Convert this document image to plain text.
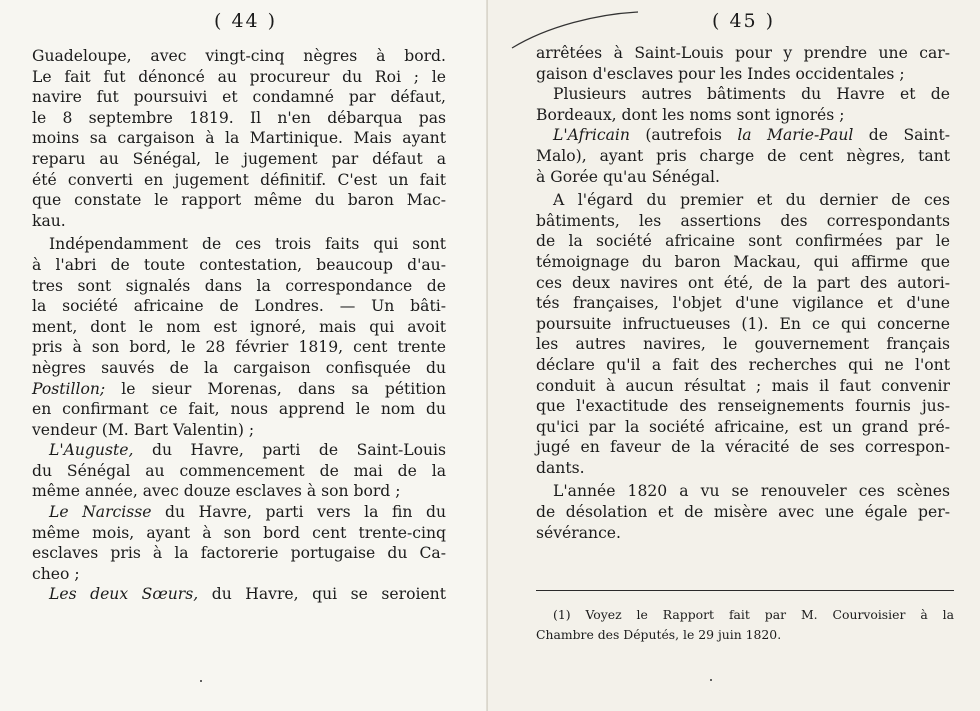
( 44 )
Guadeloupe, avec vingt-cinq nègres à bord.
Le fait fut dénoncé au procureur du Roi ; le
navire fut poursuivi et condamné par défaut,
le 8 septembre 1819. Il n'en débarqua pas
moins sa cargaison à la Martinique. Mais ayant
reparu au Sénégal, le jugement par défaut a
été converti en jugement définitif. C'est un fait
que constate le rapport même du baron Mac-
kau.
Indépendamment de ces trois faits qui sont
à l'abri de toute contestation, beaucoup d'au-
tres sont signalés dans la correspondance de
la société africaine de Londres. — Un bâti-
ment, dont le nom est ignoré, mais qui avoit
pris à son bord, le 28 février 1819, cent trente
nègres sauvés de la cargaison confisquée du
Postillon; le sieur Morenas, dans sa pétition
en confirmant ce fait, nous apprend le nom du
vendeur (M. Bart Valentin) ;
L'Auguste, du Havre, parti de Saint-Louis
du Sénégal au commencement de mai de la
même année, avec douze esclaves à son bord ;
Le Narcisse du Havre, parti vers la fin du
même mois, ayant à son bord cent trente-cinq
esclaves pris à la factorerie portugaise du Ca-
cheo ;
Les deux Sœurs, du Havre, qui se seroient
( 45 )
arrêtées à Saint-Louis pour y prendre une car-
gaison d'esclaves pour les Indes occidentales ;
Plusieurs autres bâtiments du Havre et de
Bordeaux, dont les noms sont ignorés ;
L'Africain (autrefois la Marie-Paul de Saint-
Malo), ayant pris charge de cent nègres, tant
à Gorée qu'au Sénégal.
A l'égard du premier et du dernier de ces
bâtiments, les assertions des correspondants
de la société africaine sont confirmées par le
témoignage du baron Mackau, qui affirme que
ces deux navires ont été, de la part des autori-
tés françaises, l'objet d'une vigilance et d'une
poursuite infructueuses (1). En ce qui concerne
les autres navires, le gouvernement français
déclare qu'il a fait des recherches qui ne l'ont
conduit à aucun résultat ; mais il faut convenir
que l'exactitude des renseignements fournis jus-
qu'ici par la société africaine, est un grand pré-
jugé en faveur de la véracité de ses correspon-
dants.
L'année 1820 a vu se renouveler ces scènes
de désolation et de misère avec une égale per-
sévérance.
(1) Voyez le Rapport fait par M. Courvoisier à la
Chambre des Députés, le 29 juin 1820.
